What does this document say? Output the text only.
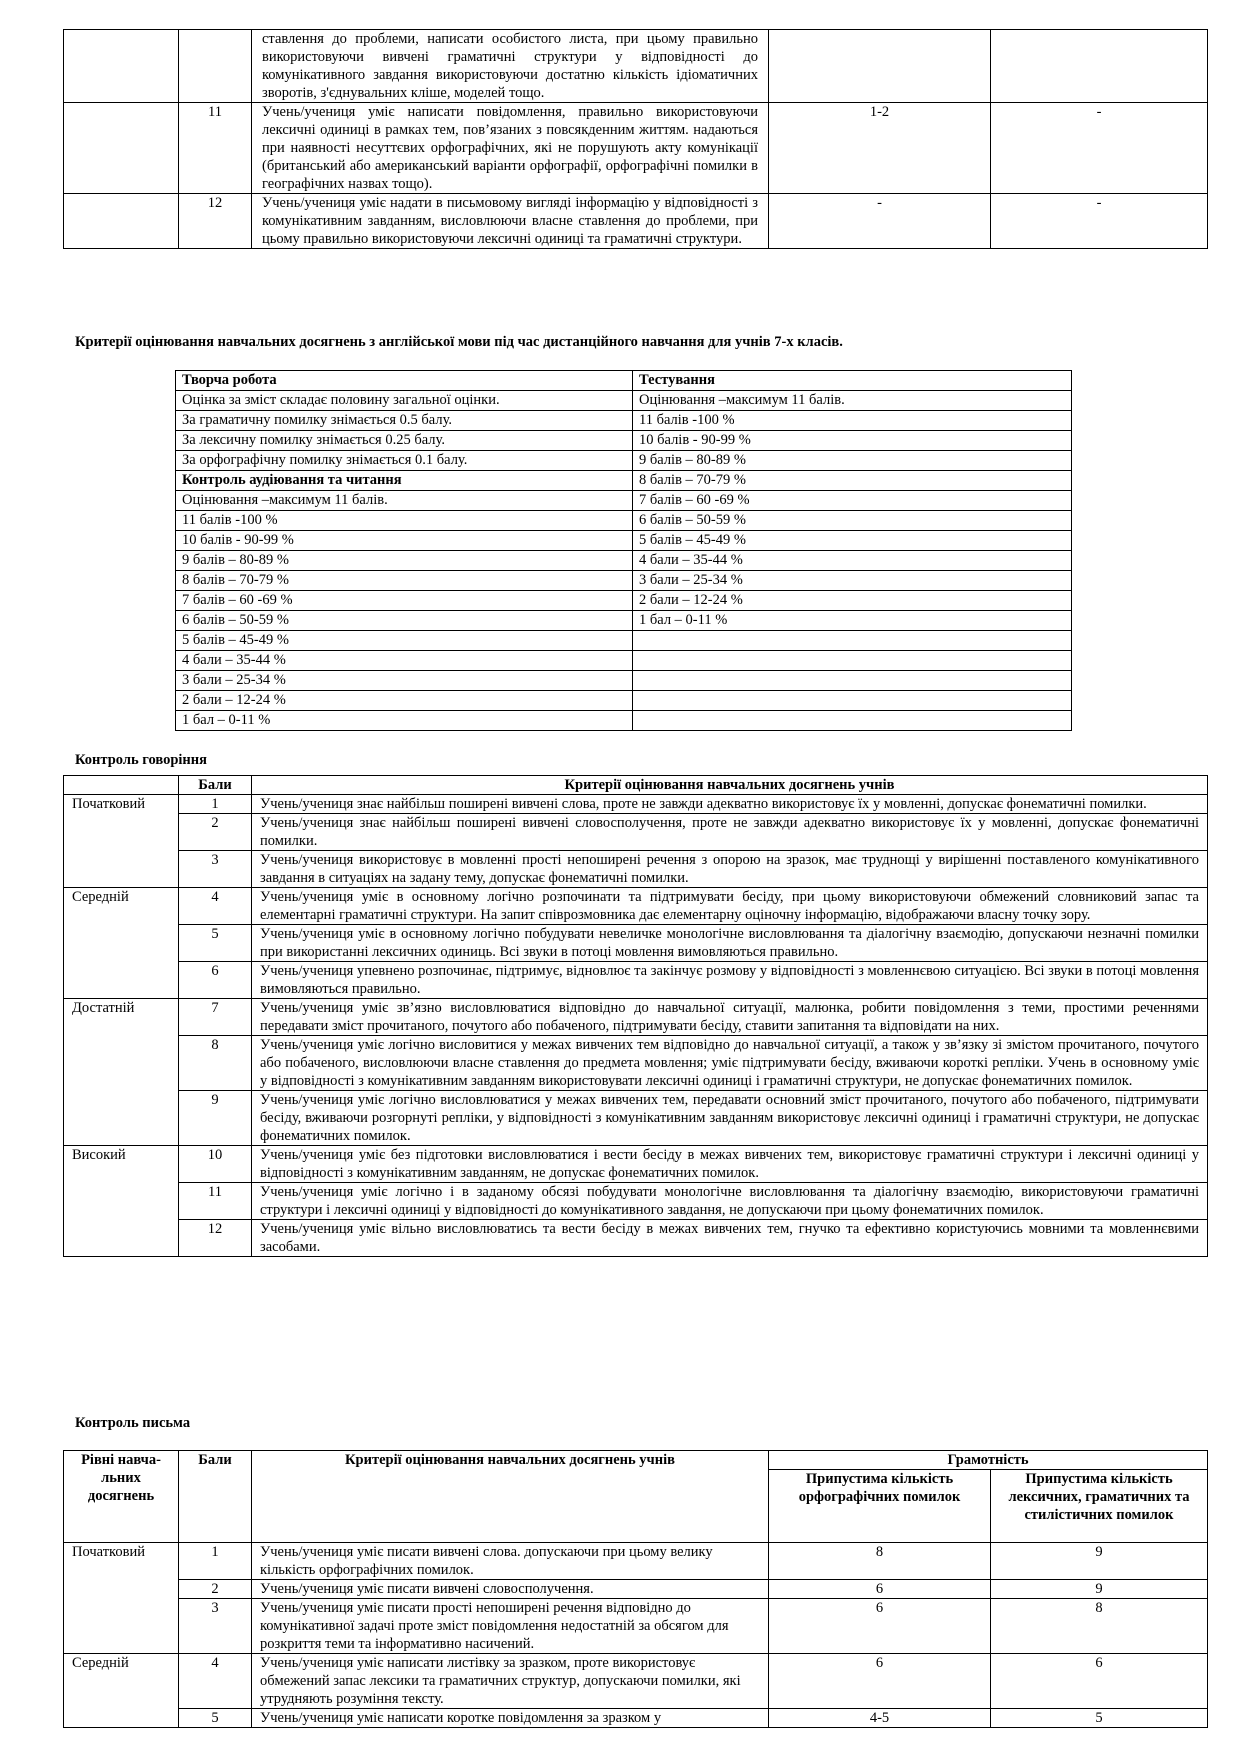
		ставлення до проблеми, написати особистого листа, при цьому правильно використовуючи вивчені граматичні структури у відповідності до комунікативного завдання використовуючи достатню кількість ідіоматичних зворотів, з'єднувальних кліше, моделей тощо.		
	11	Учень/учениця уміє написати повідомлення, правильно використовуючи лексичні одиниці в рамках тем, пов’язаних з повсякденним життям. надаються при наявності несуттєвих орфографічних, які не порушують акту комунікації (британський або американський варіанти орфографії, орфографічні помилки в географічних назвах тощо).	1-2	-
	12	Учень/учениця уміє надати в письмовому вигляді інформацію у відповідності з комунікативним завданням, висловлюючи власне ставлення до проблеми, при цьому правильно використовуючи лексичні одиниці та граматичні структури.	-	-
Критерії оцінювання навчальних досягнень з англійської мови під час дистанційного навчання для учнів 7-х класів.
Творча робота	Тестування
Оцінка за зміст складає половину загальної оцінки.	Оцінювання –максимум 11 балів.
За граматичну помилку знімається 0.5 балу.	11 балів -100 %
За лексичну помилку знімається 0.25 балу.	10 балів - 90-99 %
За орфографічну помилку знімається 0.1 балу.	9 балів – 80-89 %
Контроль аудіювання та читання	8 балів – 70-79 %
Оцінювання –максимум 11 балів.	7 балів – 60 -69 %
11 балів -100 %	6 балів – 50-59 %
10 балів - 90-99 %	5 балів – 45-49 %
9 балів – 80-89 %	4 бали – 35-44 %
8 балів – 70-79 %	3 бали – 25-34 %
7 балів – 60 -69 %	2 бали – 12-24 %
6 балів – 50-59 %	1 бал – 0-11 %
5 балів – 45-49 %	
4 бали – 35-44 %	
3 бали – 25-34 %	
2 бали – 12-24 %	
1 бал – 0-11 %	
Контроль говоріння
	Бали	Критерії оцінювання навчальних досягнень учнів
Початковий	1	Учень/учениця знає найбільш поширені вивчені слова, проте не завжди адекватно використовує їх у мовленні, допускає фонематичні помилки.
	2	Учень/учениця знає найбільш поширені вивчені словосполучення, проте не завжди адекватно використовує їх у мовленні, допускає фонематичні помилки.
	3	Учень/учениця використовує в мовленні прості непоширені речення з опорою на зразок, має труднощі у вирішенні поставленого комунікативного завдання в ситуаціях на задану тему, допускає фонематичні помилки.
Середній	4	Учень/учениця уміє в основному логічно розпочинати та підтримувати бесіду, при цьому використовуючи обмежений словниковий запас та елементарні граматичні структури. На запит співрозмовника дає елементарну оціночну інформацію, відображаючи власну точку зору.
	5	Учень/учениця уміє в основному логічно побудувати невеличке монологічне висловлювання та діалогічну взаємодію, допускаючи незначні помилки при використанні лексичних одиниць. Всі звуки в потоці мовлення вимовляються правильно.
	6	Учень/учениця упевнено розпочинає, підтримує, відновлює та закінчує розмову у відповідності з мовленнєвою ситуацією. Всі звуки в потоці мовлення вимовляються правильно.
Достатній	7	Учень/учениця уміє зв’язно висловлюватися відповідно до навчальної ситуації, малюнка, робити повідомлення з теми, простими реченнями передавати зміст прочитаного, почутого або побаченого, підтримувати бесіду, ставити запитання та відповідати на них.
	8	Учень/учениця уміє логічно висловитися у межах вивчених тем відповідно до навчальної ситуації, а також у зв’язку зі змістом прочитаного, почутого або побаченого, висловлюючи власне ставлення до предмета мовлення; уміє підтримувати бесіду, вживаючи короткі репліки. Учень в основному уміє у відповідності з комунікативним завданням використовувати лексичні одиниці і граматичні структури, не допускає фонематичних помилок.
	9	Учень/учениця уміє логічно висловлюватися у межах вивчених тем, передавати основний зміст прочитаного, почутого або побаченого, підтримувати бесіду, вживаючи розгорнуті репліки, у відповідності з комунікативним завданням використовує лексичні одиниці і граматичні структури, не допускає фонематичних помилок.
Високий	10	Учень/учениця уміє без підготовки висловлюватися і вести бесіду в межах вивчених тем, використовує граматичні структури і лексичні одиниці у відповідності з комунікативним завданням, не допускає фонематичних помилок.
	11	Учень/учениця уміє логічно і в заданому обсязі побудувати монологічне висловлювання та діалогічну взаємодію, використовуючи граматичні структури і лексичні одиниці у відповідності до комунікативного завдання, не допускаючи при цьому фонематичних помилок.
	12	Учень/учениця уміє вільно висловлюватись та вести бесіду в межах вивчених тем, гнучко та ефективно користуючись мовними та мовленнєвими засобами.
Контроль письма
Рівні навча-льних досягнень	Бали	Критерії оцінювання навчальних досягнень учнів	Грамотність	
			Припустима кількість орфографічних помилок	Припустима кількість лексичних, граматичних та стилістичних помилок
Початковий	1	Учень/учениця уміє писати вивчені слова. допускаючи при цьому велику кількість орфографічних помилок.	8	9
	2	Учень/учениця уміє писати вивчені словосполучення.	6	9
	3	Учень/учениця уміє писати прості непоширені речення відповідно до комунікативної задачі проте зміст повідомлення недостатній за обсягом для розкриття теми та інформативно насичений.	6	8
Середній	4	Учень/учениця уміє написати листівку за зразком, проте використовує обмежений запас лексики та граматичних структур, допускаючи помилки, які утрудняють розуміння тексту.	6	6
	5	Учень/учениця уміє написати коротке повідомлення за зразком у	4-5	5
